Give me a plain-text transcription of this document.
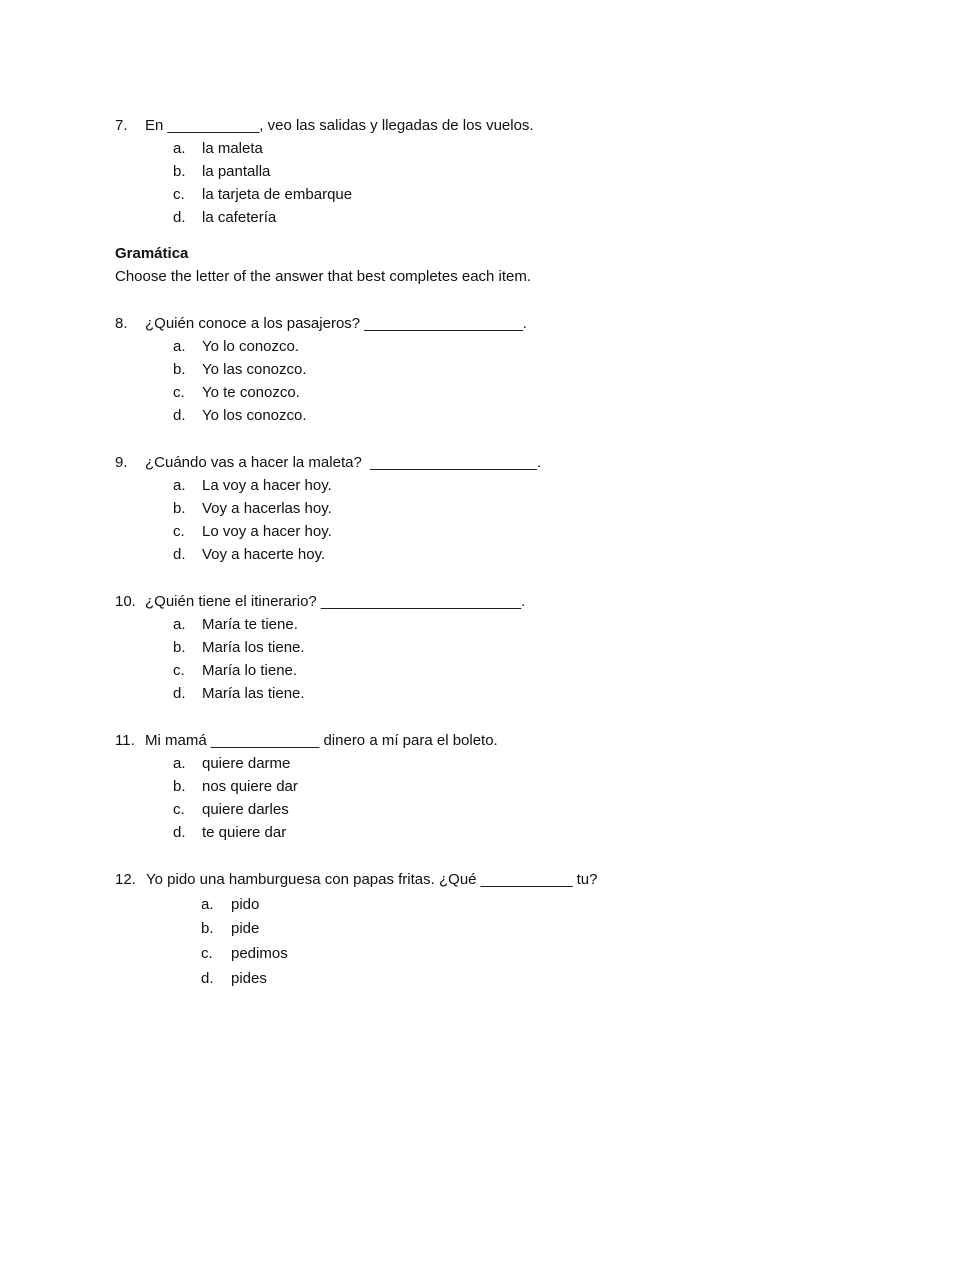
7. En ___________, veo las salidas y llegadas de los vuelos.
a. la maleta
b. la pantalla
c. la tarjeta de embarque
d. la cafetería
Gramática
Choose the letter of the answer that best completes each item.
8. ¿Quién conoce a los pasajeros? ___________________.
a. Yo lo conozco.
b. Yo las conozco.
c. Yo te conozco.
d. Yo los conozco.
9. ¿Cuándo vas a hacer la maleta?  ____________________.
a. La voy a hacer hoy.
b. Voy a hacerlas hoy.
c. Lo voy a hacer hoy.
d. Voy a hacerte hoy.
10. ¿Quién tiene el itinerario? ________________________.
a. María te tiene.
b. María los tiene.
c. María lo tiene.
d. María las tiene.
11. Mi mamá _____________ dinero a mí para el boleto.
a. quiere darme
b. nos quiere dar
c. quiere darles
d. te quiere dar
12. Yo pido una hamburguesa con papas fritas. ¿Qué ___________ tu?
a. pido
b. pide
c. pedimos
d. pides
